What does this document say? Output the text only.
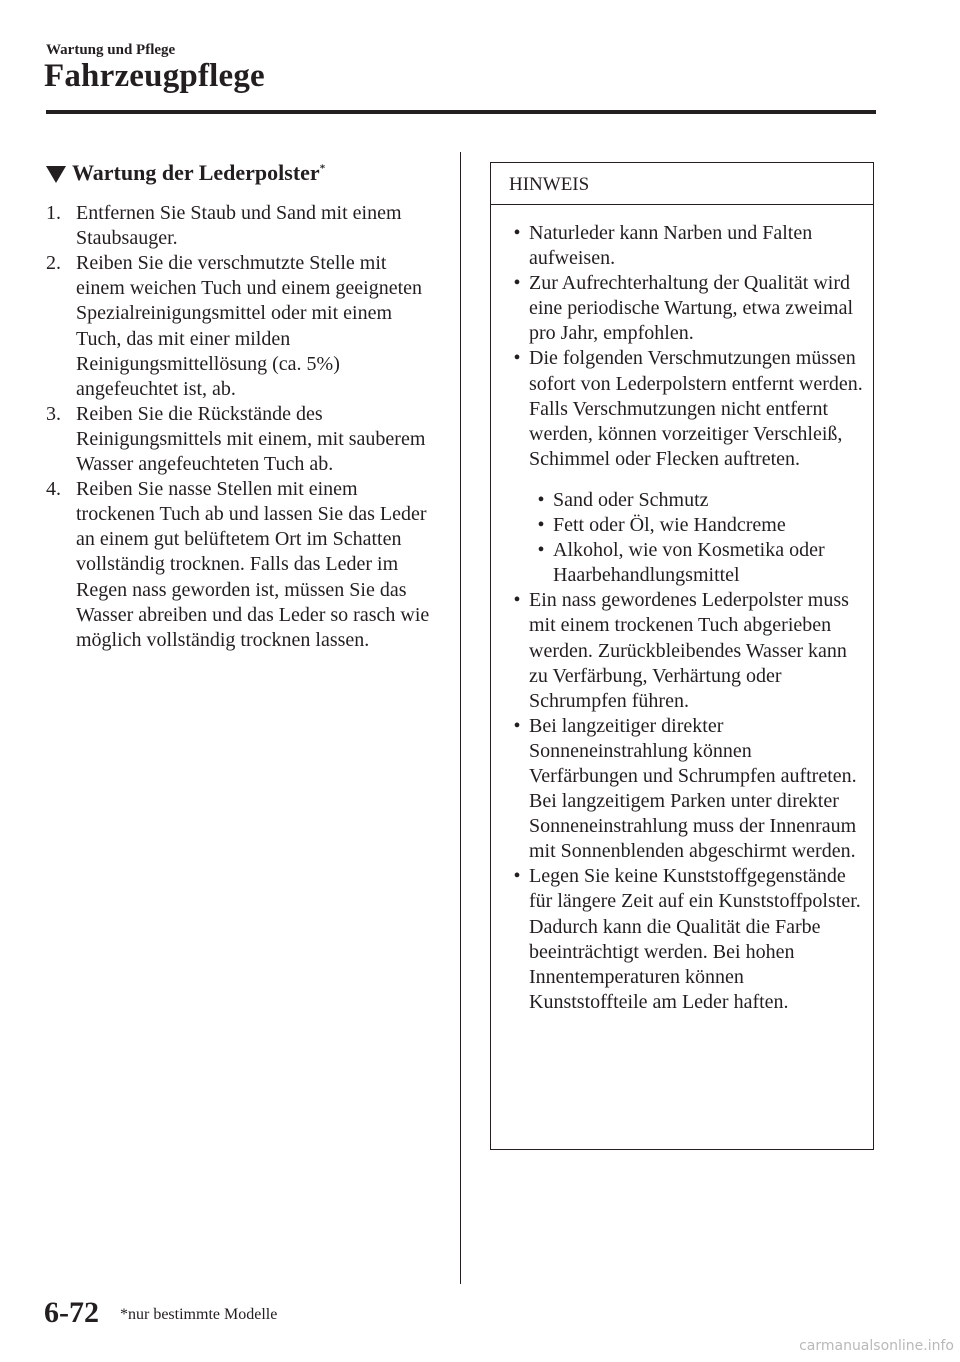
Wartung und Pflege
Fahrzeugpflege
Wartung der Lederpolster*
1. Entfernen Sie Staub und Sand mit einem Staubsauger.
2. Reiben Sie die verschmutzte Stelle mit einem weichen Tuch und einem geeigneten Spezialreinigungsmittel oder mit einem Tuch, das mit einer milden Reinigungsmittellösung (ca. 5%) angefeuchtet ist, ab.
3. Reiben Sie die Rückstände des Reinigungsmittels mit einem, mit sauberem Wasser angefeuchteten Tuch ab.
4. Reiben Sie nasse Stellen mit einem trockenen Tuch ab und lassen Sie das Leder an einem gut belüftetem Ort im Schatten vollständig trocknen. Falls das Leder im Regen nass geworden ist, müssen Sie das Wasser abreiben und das Leder so rasch wie möglich vollständig trocknen lassen.
HINWEIS
• Naturleder kann Narben und Falten aufweisen.
• Zur Aufrechterhaltung der Qualität wird eine periodische Wartung, etwa zweimal pro Jahr, empfohlen.
• Die folgenden Verschmutzungen müssen sofort von Lederpolstern entfernt werden.
Falls Verschmutzungen nicht entfernt werden, können vorzeitiger Verschleiß, Schimmel oder Flecken auftreten.
• Sand oder Schmutz
• Fett oder Öl, wie Handcreme
• Alkohol, wie von Kosmetika oder Haarbehandlungsmittel
• Ein nass gewordenes Lederpolster muss mit einem trockenen Tuch abgerieben werden. Zurückbleibendes Wasser kann zu Verfärbung, Verhärtung oder Schrumpfen führen.
• Bei langzeitiger direkter Sonneneinstrahlung können Verfärbungen und Schrumpfen auftreten. Bei langzeitigem Parken unter direkter Sonneneinstrahlung muss der Innenraum mit Sonnenblenden abgeschirmt werden.
• Legen Sie keine Kunststoffgegenstände für längere Zeit auf ein Kunststoffpolster. Dadurch kann die Qualität die Farbe beeinträchtigt werden. Bei hohen Innentemperaturen können Kunststoffteile am Leder haften.
6-72 *nur bestimmte Modelle
carmanualsonline.info
